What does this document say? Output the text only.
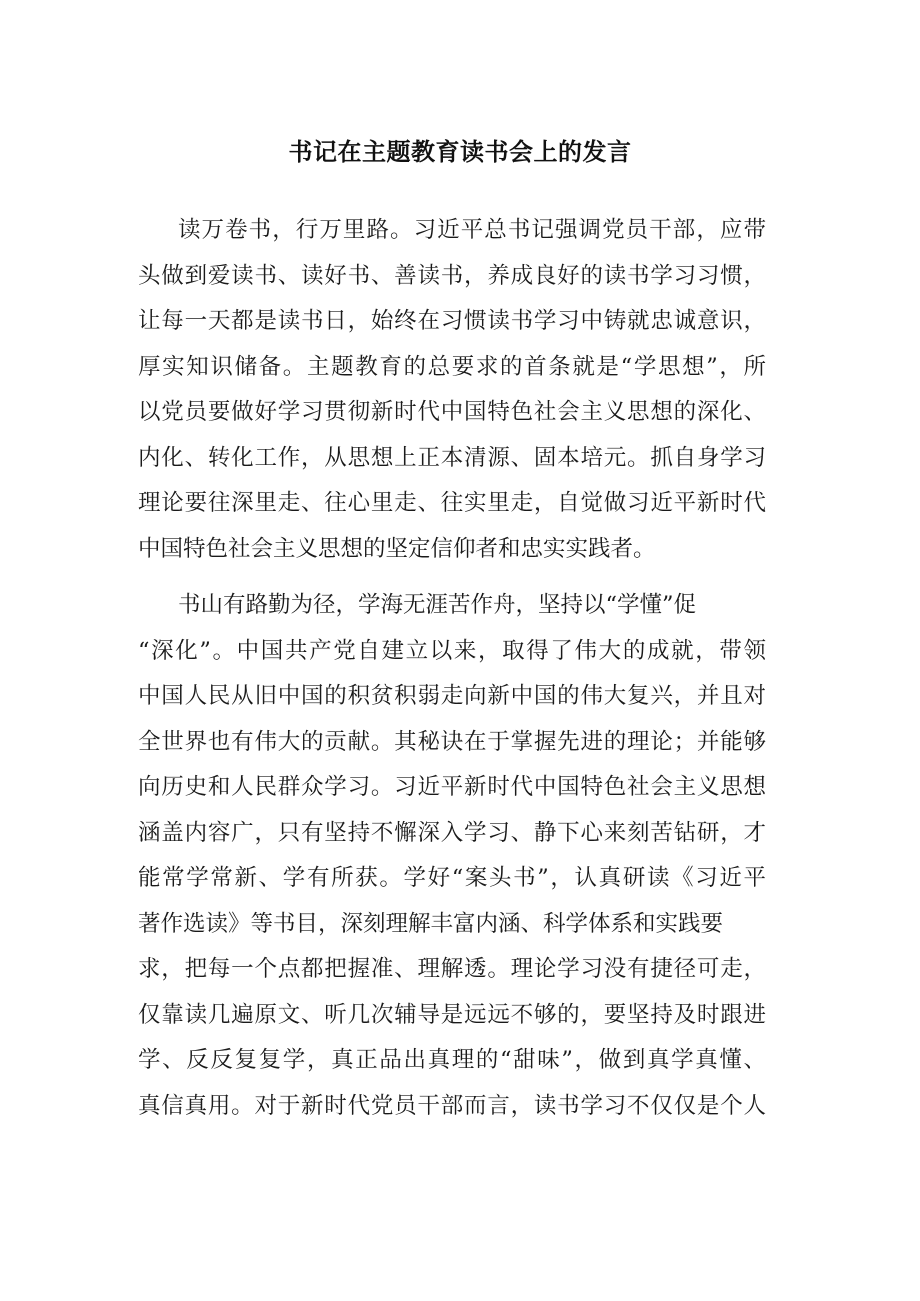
书记在主题教育读书会上的发言
读万卷书，行万里路。习近平总书记强调党员干部，应带
头做到爱读书、读好书、善读书，养成良好的读书学习习惯，
让每一天都是读书日，始终在习惯读书学习中铸就忠诚意识，
厚实知识储备。主题教育的总要求的首条就是“学思想”，所
以党员要做好学习贯彻新时代中国特色社会主义思想的深化、
内化、转化工作，从思想上正本清源、固本培元。抓自身学习
理论要往深里走、往心里走、往实里走，自觉做习近平新时代
中国特色社会主义思想的坚定信仰者和忠实实践者。
书山有路勤为径，学海无涯苦作舟，坚持以“学懂”促
“深化”。中国共产党自建立以来，取得了伟大的成就，带领
中国人民从旧中国的积贫积弱走向新中国的伟大复兴，并且对
全世界也有伟大的贡献。其秘诀在于掌握先进的理论；并能够
向历史和人民群众学习。习近平新时代中国特色社会主义思想
涵盖内容广，只有坚持不懈深入学习、静下心来刻苦钻研，才
能常学常新、学有所获。学好“案头书”，认真研读《习近平
著作选读》等书目，深刻理解丰富内涵、科学体系和实践要
求，把每一个点都把握准、理解透。理论学习没有捷径可走，
仅靠读几遍原文、听几次辅导是远远不够的，要坚持及时跟进
学、反反复复学，真正品出真理的“甜味”，做到真学真懂、
真信真用。对于新时代党员干部而言，读书学习不仅仅是个人
